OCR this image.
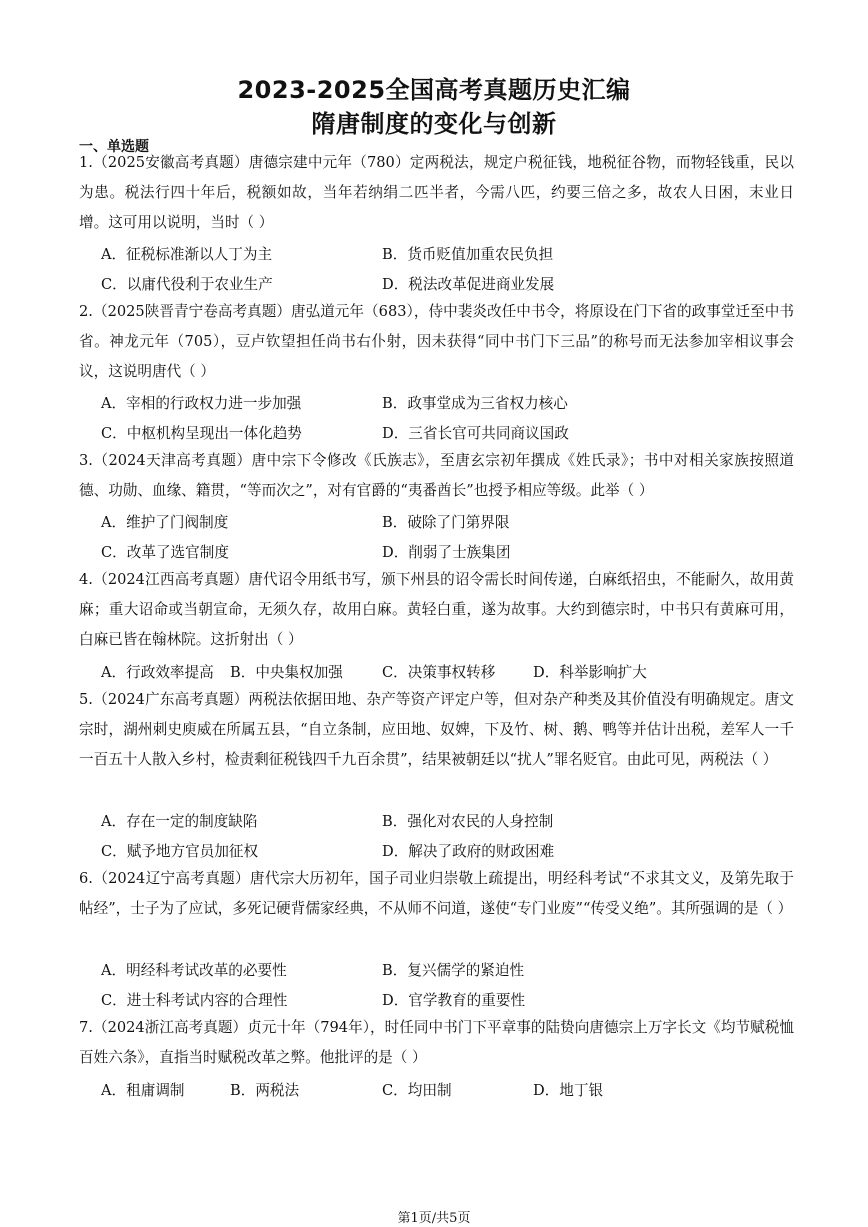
2023-2025全国高考真题历史汇编
隋唐制度的变化与创新
一、单选题
1.（2025安徽高考真题）唐德宗建中元年（780）定两税法，规定户税征钱，地税征谷物，而物轻钱重，民以为患。税法行四十年后，税额如故，当年若纳绢二匹半者，今需八匹，约要三倍之多，故农人日困，末业日增。这可用以说明，当时（ ）
A．征税标准渐以人丁为主	B．货币贬值加重农民负担
C．以庸代役利于农业生产	D．税法改革促进商业发展
2.（2025陕晋青宁卷高考真题）唐弘道元年（683），侍中裴炎改任中书令，将原设在门下省的政事堂迁至中书省。神龙元年（705），豆卢钦望担任尚书右仆射，因未获得“同中书门下三品”的称号而无法参加宰相议事会议，这说明唐代（ ）
A．宰相的行政权力进一步加强	B．政事堂成为三省权力核心
C．中枢机构呈现出一体化趋势	D．三省长官可共同商议国政
3.（2024天津高考真题）唐中宗下令修改《氏族志》，至唐玄宗初年撰成《姓氏录》；书中对相关家族按照道德、功勋、血缘、籍贯，“等而次之”，对有官爵的“夷番酋长”也授予相应等级。此举（ ）
A．维护了门阀制度	B．破除了门第界限
C．改革了选官制度	D．削弱了士族集团
4.（2024江西高考真题）唐代诏令用纸书写，颁下州县的诏令需长时间传递，白麻纸招虫，不能耐久，故用黄麻；重大诏命或当朝宣命，无须久存，故用白麻。黄轻白重，遂为故事。大约到德宗时，中书只有黄麻可用，白麻已皆在翰林院。这折射出（ ）
A．行政效率提高 B．中央集权加强	C．决策事权转移	D．科举影响扩大
5.（2024广东高考真题）两税法依据田地、杂产等资产评定户等，但对杂产种类及其价值没有明确规定。唐文宗时，湖州刺史庾威在所属五县，“自立条制，应田地、奴婢，下及竹、树、鹅、鸭等并估计出税，差军人一千一百五十人散入乡村，检责剩征税钱四千九百余贯”，结果被朝廷以“扰人”罪名贬官。由此可见，两税法（ ）
A．存在一定的制度缺陷	B．强化对农民的人身控制
C．赋予地方官员加征权	D．解决了政府的财政困难
6.（2024辽宁高考真题）唐代宗大历初年，国子司业归崇敬上疏提出，明经科考试“不求其文义，及第先取于帖经”，士子为了应试，多死记硬背儒家经典，不从师不问道，遂使“专门业废”“传受义绝”。其所强调的是（ ）
A．明经科考试改革的必要性	B．复兴儒学的紧迫性
C．进士科考试内容的合理性	D．官学教育的重要性
7.（2024浙江高考真题）贞元十年（794年），时任同中书门下平章事的陆贽向唐德宗上万字长文《均节赋税恤百姓六条》，直指当时赋税改革之弊。他批评的是（ ）
A．租庸调制	B．两税法	C．均田制	D．地丁银
第1页/共5页
